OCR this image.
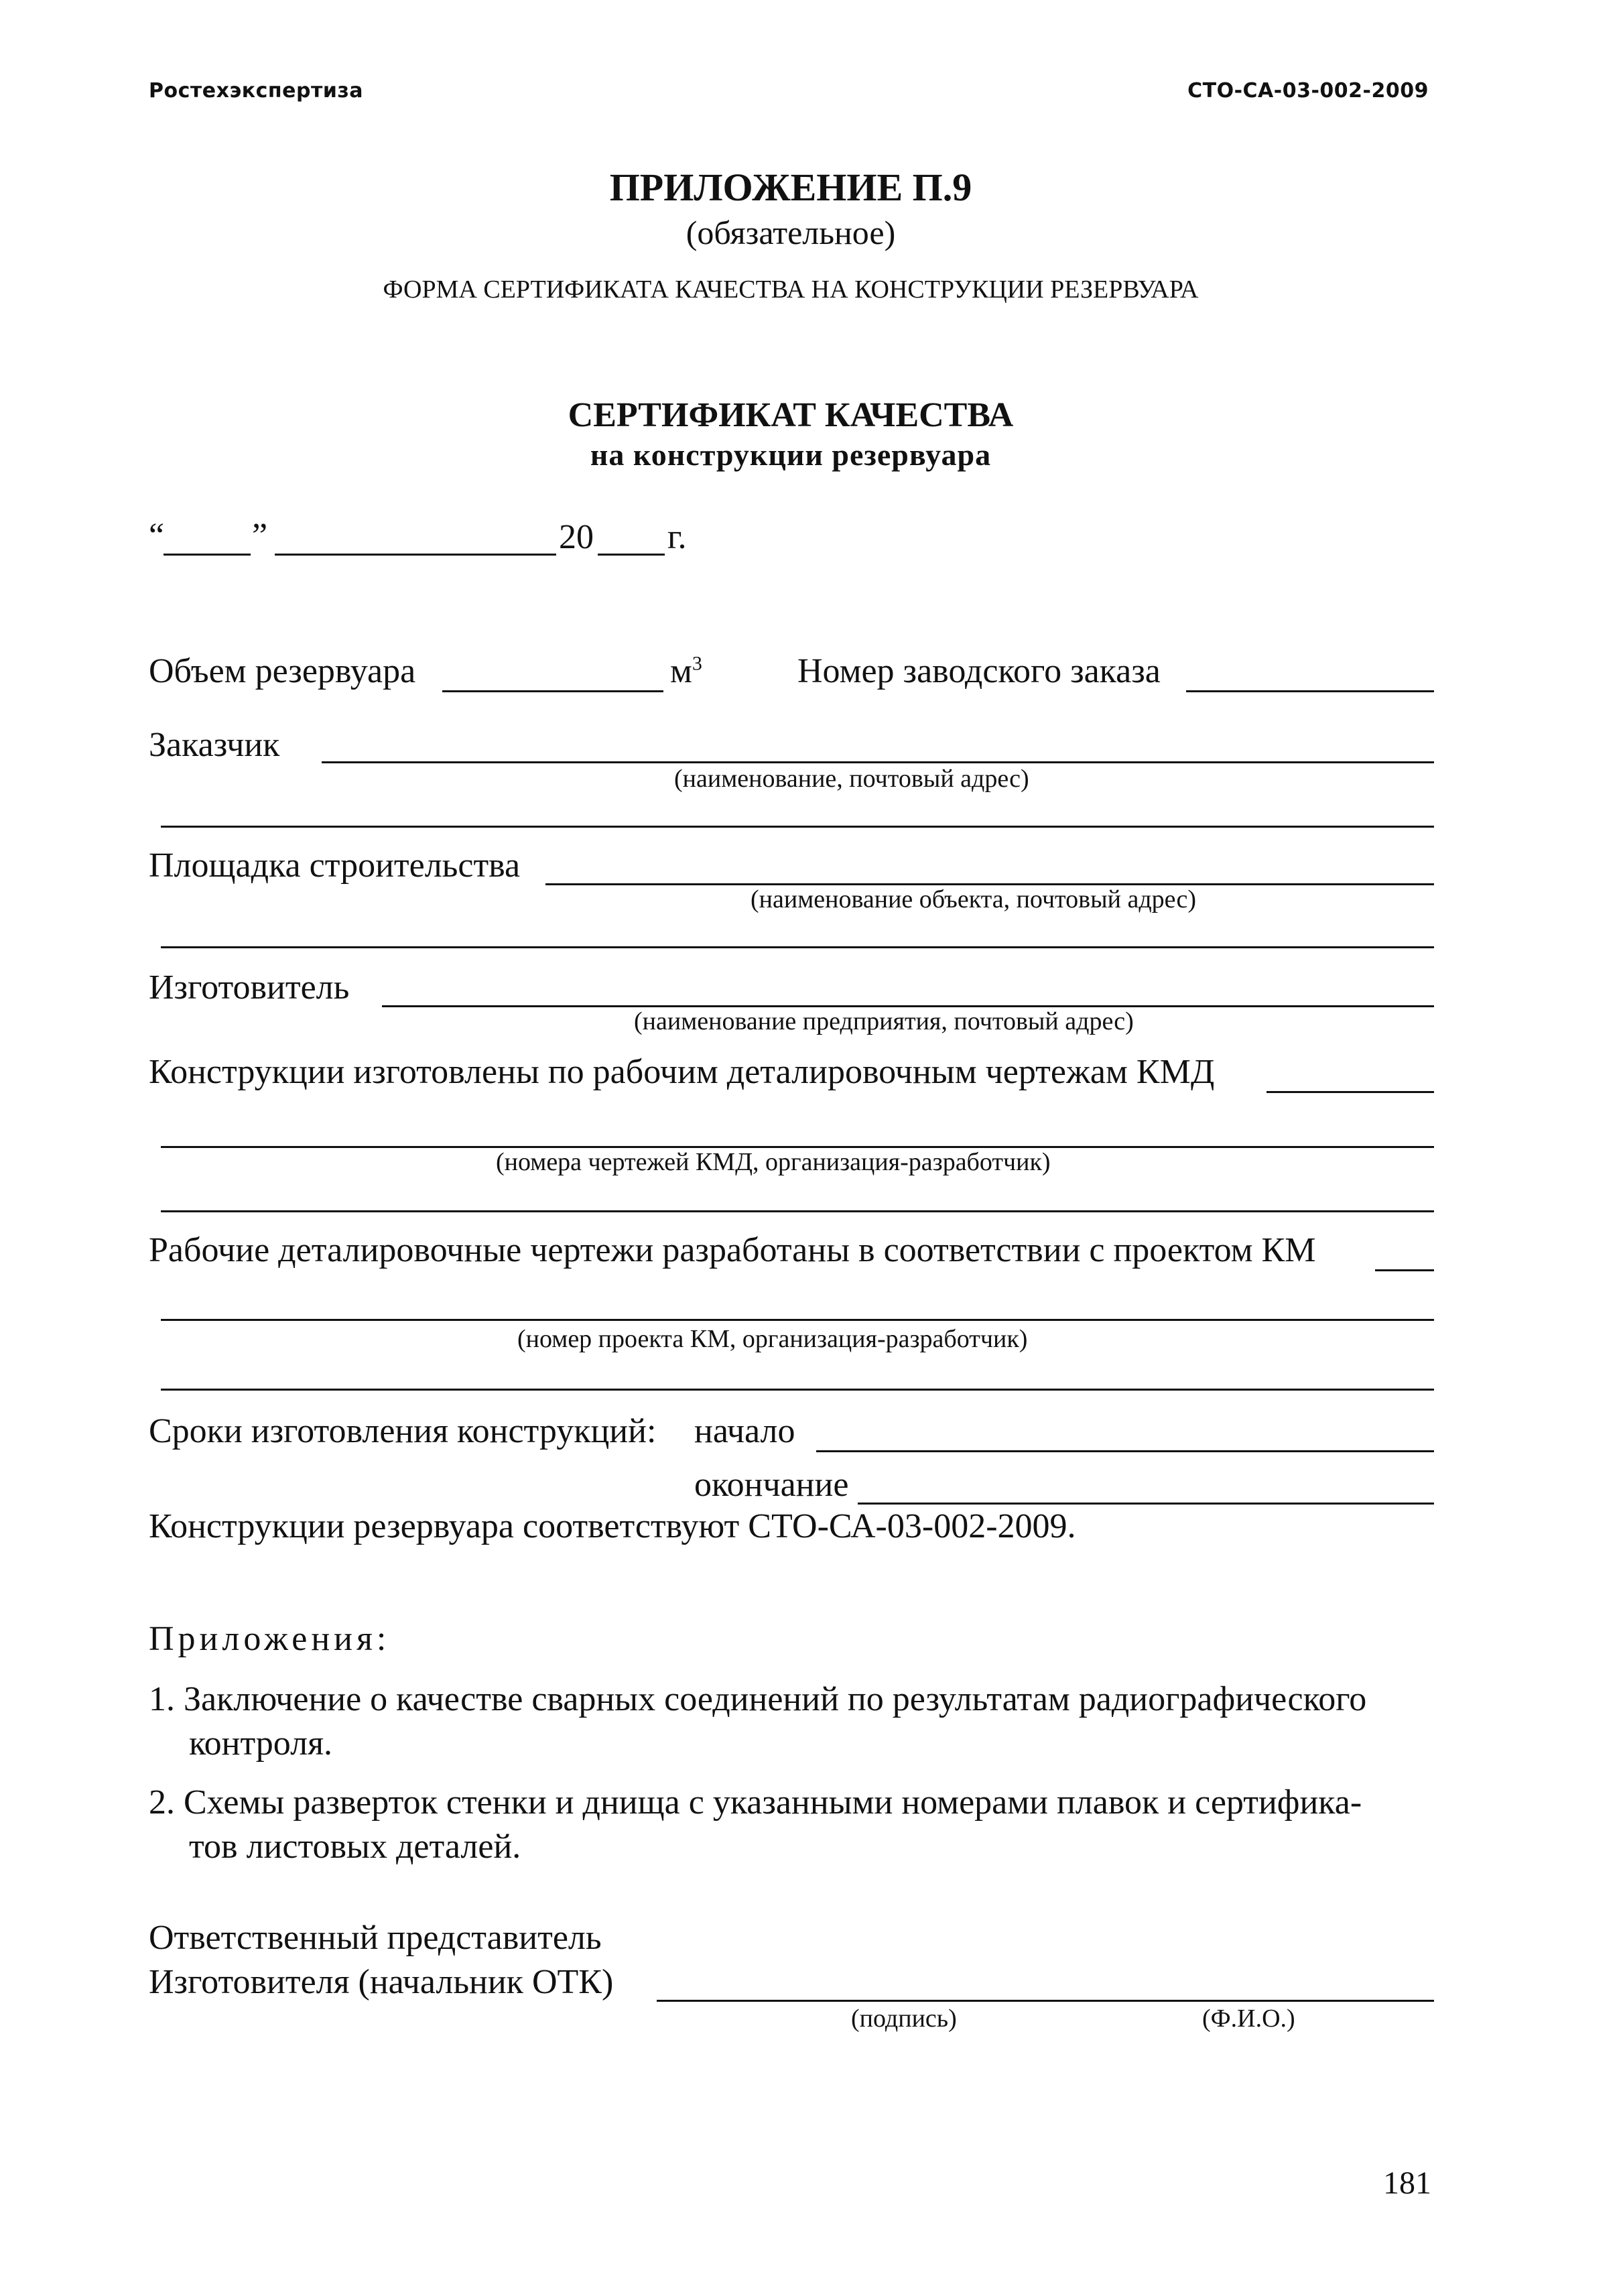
Ростехэкспертиза	СТО-СА-03-002-2009
ПРИЛОЖЕНИЕ П.9
(обязательное)
ФОРМА СЕРТИФИКАТА КАЧЕСТВА НА КОНСТРУКЦИИ РЕЗЕРВУАРА
СЕРТИФИКАТ КАЧЕСТВА
на конструкции резервуара
“	”	20 г.
Объем резервуара	$м^3$	Номер заводского заказа
Заказчик
(наименование, почтовый адрес)
Площадка строительства
(наименование объекта, почтовый адрес)
Изготовитель
(наименование предприятия, почтовый адрес)
Конструкции изготовлены по рабочим деталировочным чертежам КМД
(номера чертежей КМД, организация-разработчик)
Рабочие деталировочные чертежи разработаны в соответствии с проектом КМ
(номер проекта КМ, организация-разработчик)
Сроки изготовления конструкций: начало
окончание
Конструкции резервуара соответствуют СТО-СА-03-002-2009.
Приложения:
1. Заключение о качестве сварных соединений по результатам радиографического
контроля.
2. Схемы разверток стенки и днища с указанными номерами плавок и сертифика-
тов листовых деталей.
Ответственный представитель
Изготовителя (начальник ОТК)
(подпись)	(Ф.И.О.)
181
